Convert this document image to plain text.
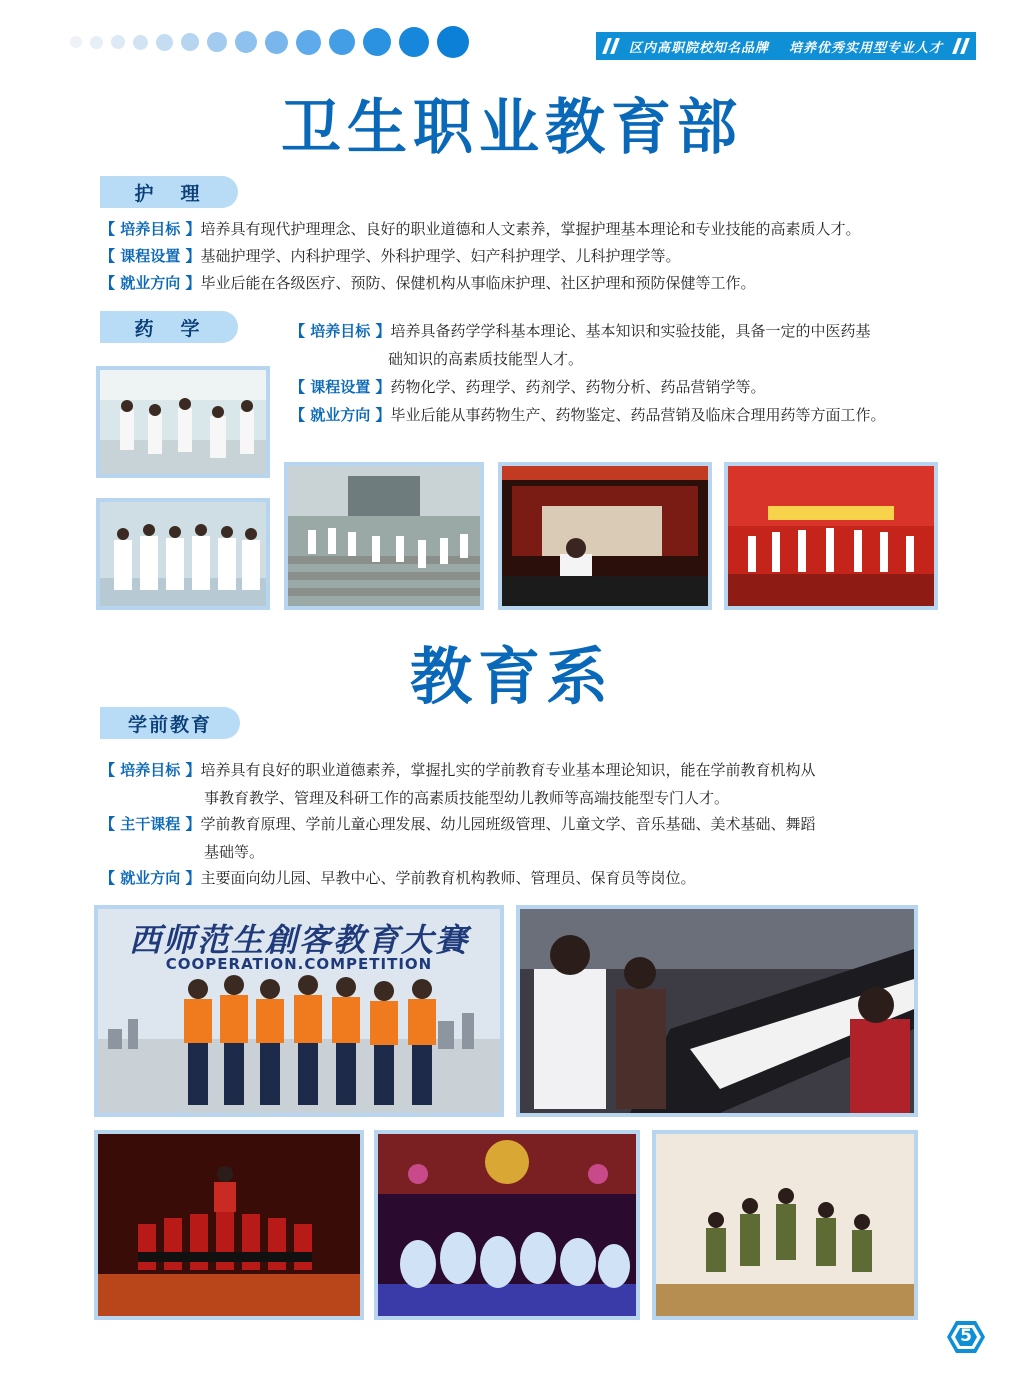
区内高职院校知名品牌 培养优秀实用型专业人才
卫生职业教育部
护　理
【 培养目标 】培养具有现代护理理念、良好的职业道德和人文素养，掌握护理基本理论和专业技能的高素质人才。
【 课程设置 】基础护理学、内科护理学、外科护理学、妇产科护理学、儿科护理学等。
【 就业方向 】毕业后能在各级医疗、预防、保健机构从事临床护理、社区护理和预防保健等工作。
药　学	【 培养目标 】培养具备药学学科基本理论、基本知识和实验技能，具备一定的中医药基
础知识的高素质技能型人才。
【 课程设置 】药物化学、药理学、药剂学、药物分析、药品营销学等。
【 就业方向 】毕业后能从事药物生产、药物鉴定、药品营销及临床合理用药等方面工作。
教育系
学前教育
【 培养目标 】培养具有良好的职业道德素养，掌握扎实的学前教育专业基本理论知识，能在学前教育机构从
事教育教学、管理及科研工作的高素质技能型幼儿教师等高端技能型专门人才。
【 主干课程 】学前教育原理、学前儿童心理发展、幼儿园班级管理、儿童文学、音乐基础、美术基础、舞蹈
基础等。
【 就业方向 】主要面向幼儿园、早教中心、学前教育机构教师、管理员、保育员等岗位。
西师范生創客教育大賽
COOPERATION.COMPETITION
5
